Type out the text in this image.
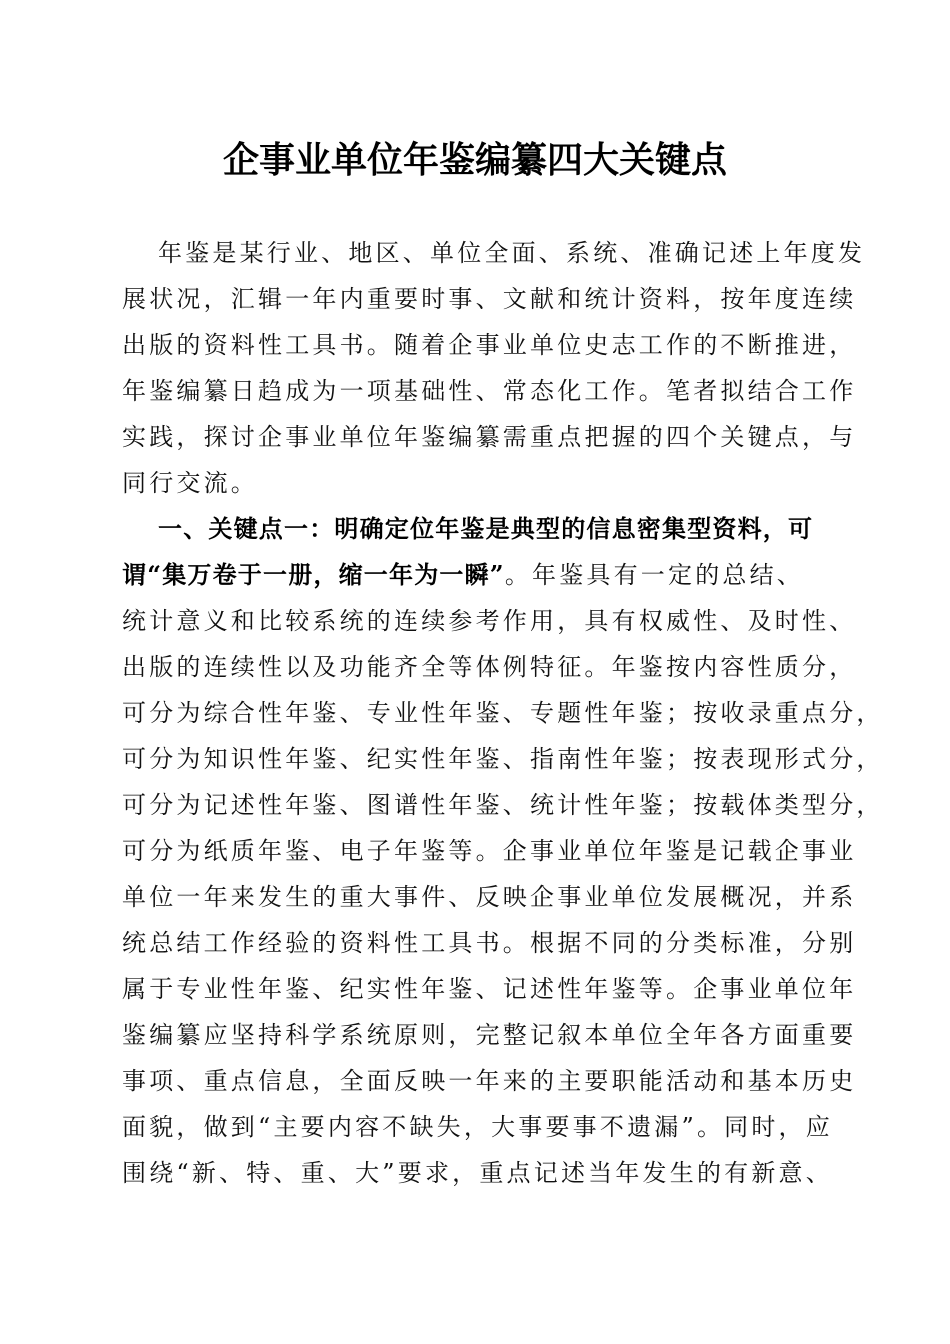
企事业单位年鉴编纂四大关键点
年鉴是某行业、地区、单位全面、系统、准确记述上年度发
展状况，汇辑一年内重要时事、文献和统计资料，按年度连续
出版的资料性工具书。随着企事业单位史志工作的不断推进，
年鉴编纂日趋成为一项基础性、常态化工作。笔者拟结合工作
实践，探讨企事业单位年鉴编纂需重点把握的四个关键点，与
同行交流。
一、关键点一：明确定位年鉴是典型的信息密集型资料，可
谓“集万卷于一册，缩一年为一瞬”。年鉴具有一定的总结、
统计意义和比较系统的连续参考作用，具有权威性、及时性、
出版的连续性以及功能齐全等体例特征。年鉴按内容性质分，
可分为综合性年鉴、专业性年鉴、专题性年鉴；按收录重点分，
可分为知识性年鉴、纪实性年鉴、指南性年鉴；按表现形式分，
可分为记述性年鉴、图谱性年鉴、统计性年鉴；按载体类型分，
可分为纸质年鉴、电子年鉴等。企事业单位年鉴是记载企事业
单位一年来发生的重大事件、反映企事业单位发展概况，并系
统总结工作经验的资料性工具书。根据不同的分类标准，分别
属于专业性年鉴、纪实性年鉴、记述性年鉴等。企事业单位年
鉴编纂应坚持科学系统原则，完整记叙本单位全年各方面重要
事项、重点信息，全面反映一年来的主要职能活动和基本历史
面貌，做到“主要内容不缺失，大事要事不遗漏”。同时，应
围绕“新、特、重、大”要求，重点记述当年发生的有新意、
